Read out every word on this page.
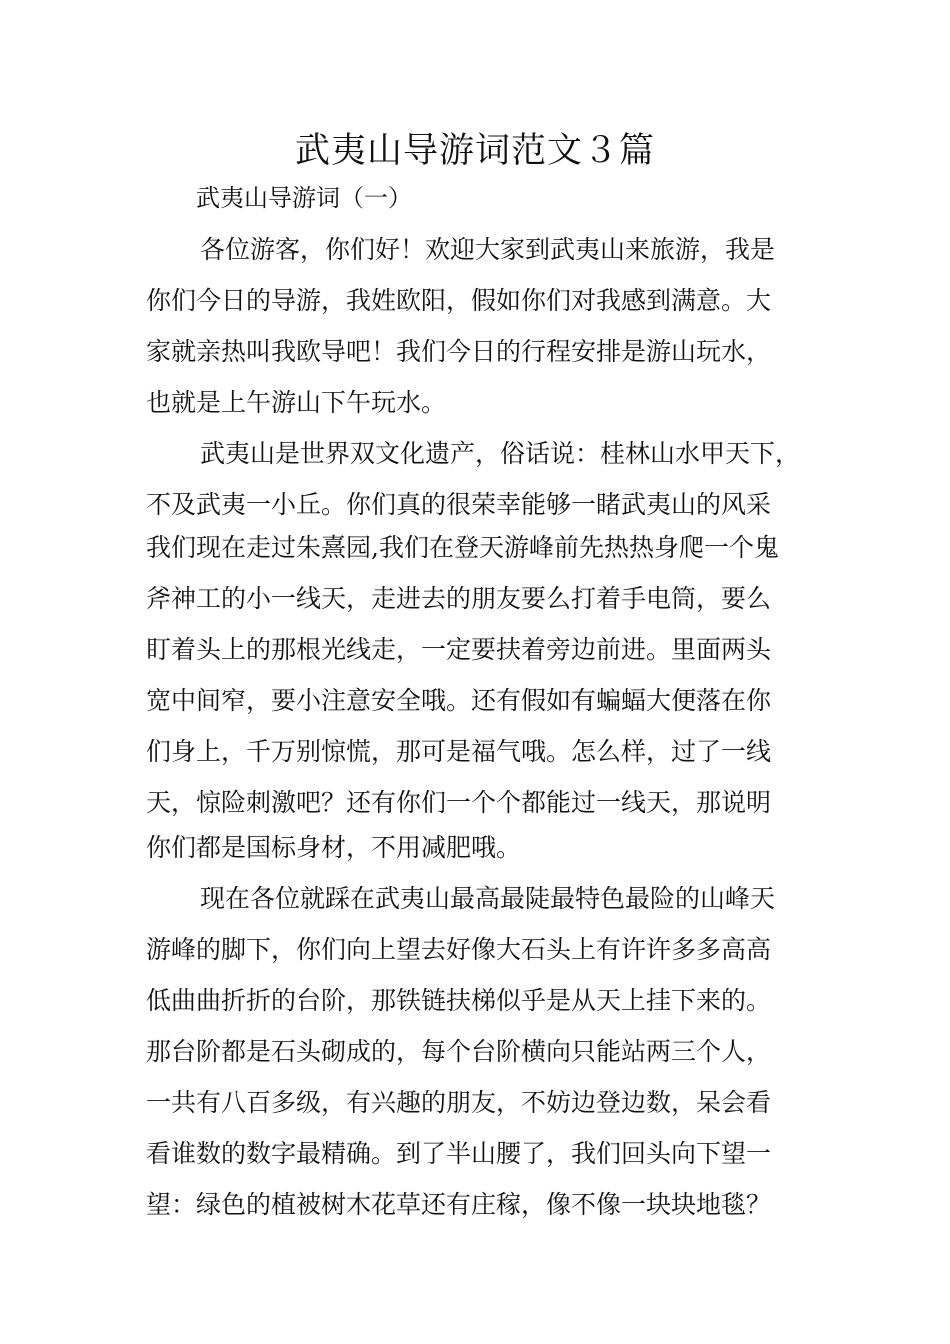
武夷山导游词范文３篇

武夷山导游词（一）

各位游客，你们好！欢迎大家到武夷山来旅游，我是

你们今日的导游，我姓欧阳，假如你们对我感到满意。大

家就亲热叫我欧导吧！我们今日的行程安排是游山玩水，

也就是上午游山下午玩水。

武夷山是世界双文化遗产，俗话说：桂林山水甲天下，

不及武夷一小丘。你们真的很荣幸能够一睹武夷山的风采

我们现在走过朱熹园,我们在登天游峰前先热热身爬一个鬼

斧神工的小一线天，走进去的朋友要么打着手电筒，要么

盯着头上的那根光线走，一定要扶着旁边前进。里面两头

宽中间窄，要小注意安全哦。还有假如有蝙蝠大便落在你

们身上，千万别惊慌，那可是福气哦。怎么样，过了一线

天，惊险刺激吧？还有你们一个个都能过一线天，那说明

你们都是国标身材，不用减肥哦。

现在各位就踩在武夷山最高最陡最特色最险的山峰天

游峰的脚下，你们向上望去好像大石头上有许许多多高高

低曲曲折折的台阶，那铁链扶梯似乎是从天上挂下来的。

那台阶都是石头砌成的，每个台阶横向只能站两三个人，

一共有八百多级，有兴趣的朋友，不妨边登边数，呆会看

看谁数的数字最精确。到了半山腰了，我们回头向下望一

望：绿色的植被树木花草还有庄稼，像不像一块块地毯？
